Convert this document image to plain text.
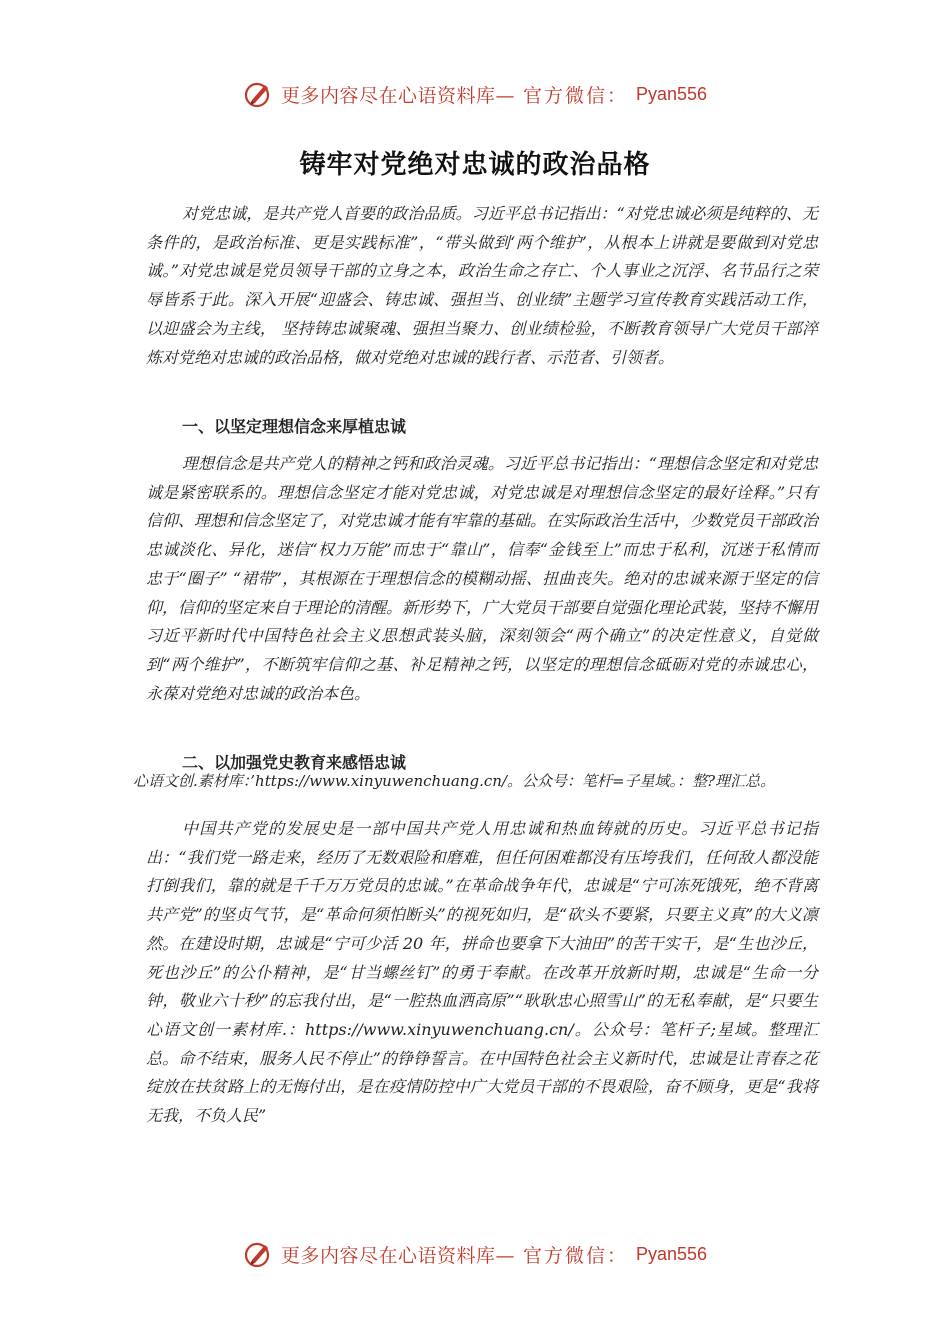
更多内容尽在心语资料库— 官方微信： Pyan556
铸牢对党绝对忠诚的政治品格

对党忠诚，是共产党人首要的政治品质。习近平总书记指出：“对党忠诚必须是纯粹的、无条件的，是政治标准、更是实践标准”，“带头做到‘两个维护’，从根本上讲就是要做到对党忠诚。”对党忠诚是党员领导干部的立身之本，政治生命之存亡、个人事业之沉浮、名节品行之荣辱皆系于此。深入开展“迎盛会、铸忠诚、强担当、创业绩”主题学习宣传教育实践活动工作，以迎盛会为主线， 坚持铸忠诚聚魂、强担当聚力、创业绩检验，不断教育领导广大党员干部淬炼对党绝对忠诚的政治品格，做对党绝对忠诚的践行者、示范者、引领者。

一、以坚定理想信念来厚植忠诚

理想信念是共产党人的精神之钙和政治灵魂。习近平总书记指出：“理想信念坚定和对党忠诚是紧密联系的。理想信念坚定才能对党忠诚，对党忠诚是对理想信念坚定的最好诠释。”只有信仰、理想和信念坚定了，对党忠诚才能有牢靠的基础。在实际政治生活中，少数党员干部政治忠诚淡化、异化，迷信“权力万能”而忠于“靠山”，信奉“金钱至上”而忠于私利，沉迷于私情而忠于“圈子” “裙带”，其根源在于理想信念的模糊动摇、扭曲丧失。绝对的忠诚来源于坚定的信仰，信仰的坚定来自于理论的清醒。新形势下，广大党员干部要自觉强化理论武装，坚持不懈用习近平新时代中国特色社会主义思想武装头脑，深刻领会“两个确立”的决定性意义，自觉做到“两个维护”，不断筑牢信仰之基、补足精神之钙，以坚定的理想信念砥砺对党的赤诚忠心，永葆对党绝对忠诚的政治本色。

二、以加强党史教育来感悟忠诚

心语文创.素材库：’https://www.xinyuwenchuang.cn/。公众号：笔杆=子星域。：整?理汇总。

中国共产党的发展史是一部中国共产党人用忠诚和热血铸就的历史。习近平总书记指出：“我们党一路走来，经历了无数艰险和磨难，但任何困难都没有压垮我们，任何敌人都没能打倒我们，靠的就是千千万万党员的忠诚。”在革命战争年代，忠诚是“宁可冻死饿死，绝不背离共产党”的坚贞气节，是“革命何须怕断头”的视死如归，是“砍头不要紧，只要主义真”的大义凛然。在建设时期，忠诚是“宁可少活 20 年，拼命也要拿下大油田”的苦干实干，是“生也沙丘，死也沙丘”的公仆精神，是“甘当螺丝钉”的勇于奉献。在改革开放新时期，忠诚是“生命一分钟，敬业六十秒”的忘我付出，是“一腔热血洒高原”“耿耿忠心照雪山”的无私奉献，是“只要生心语文创一素材库.：https://www.xinyuwenchuang.cn/。公众号：笔杆子;星域。整理汇总。命不结束，服务人民不停止”的铮铮誓言。在中国特色社会主义新时代，忠诚是让青春之花绽放在扶贫路上的无悔付出，是在疫情防控中广大党员干部的不畏艰险，奋不顾身，更是“我将无我，不负人民”

更多内容尽在心语资料库— 官方微信： Pyan556
